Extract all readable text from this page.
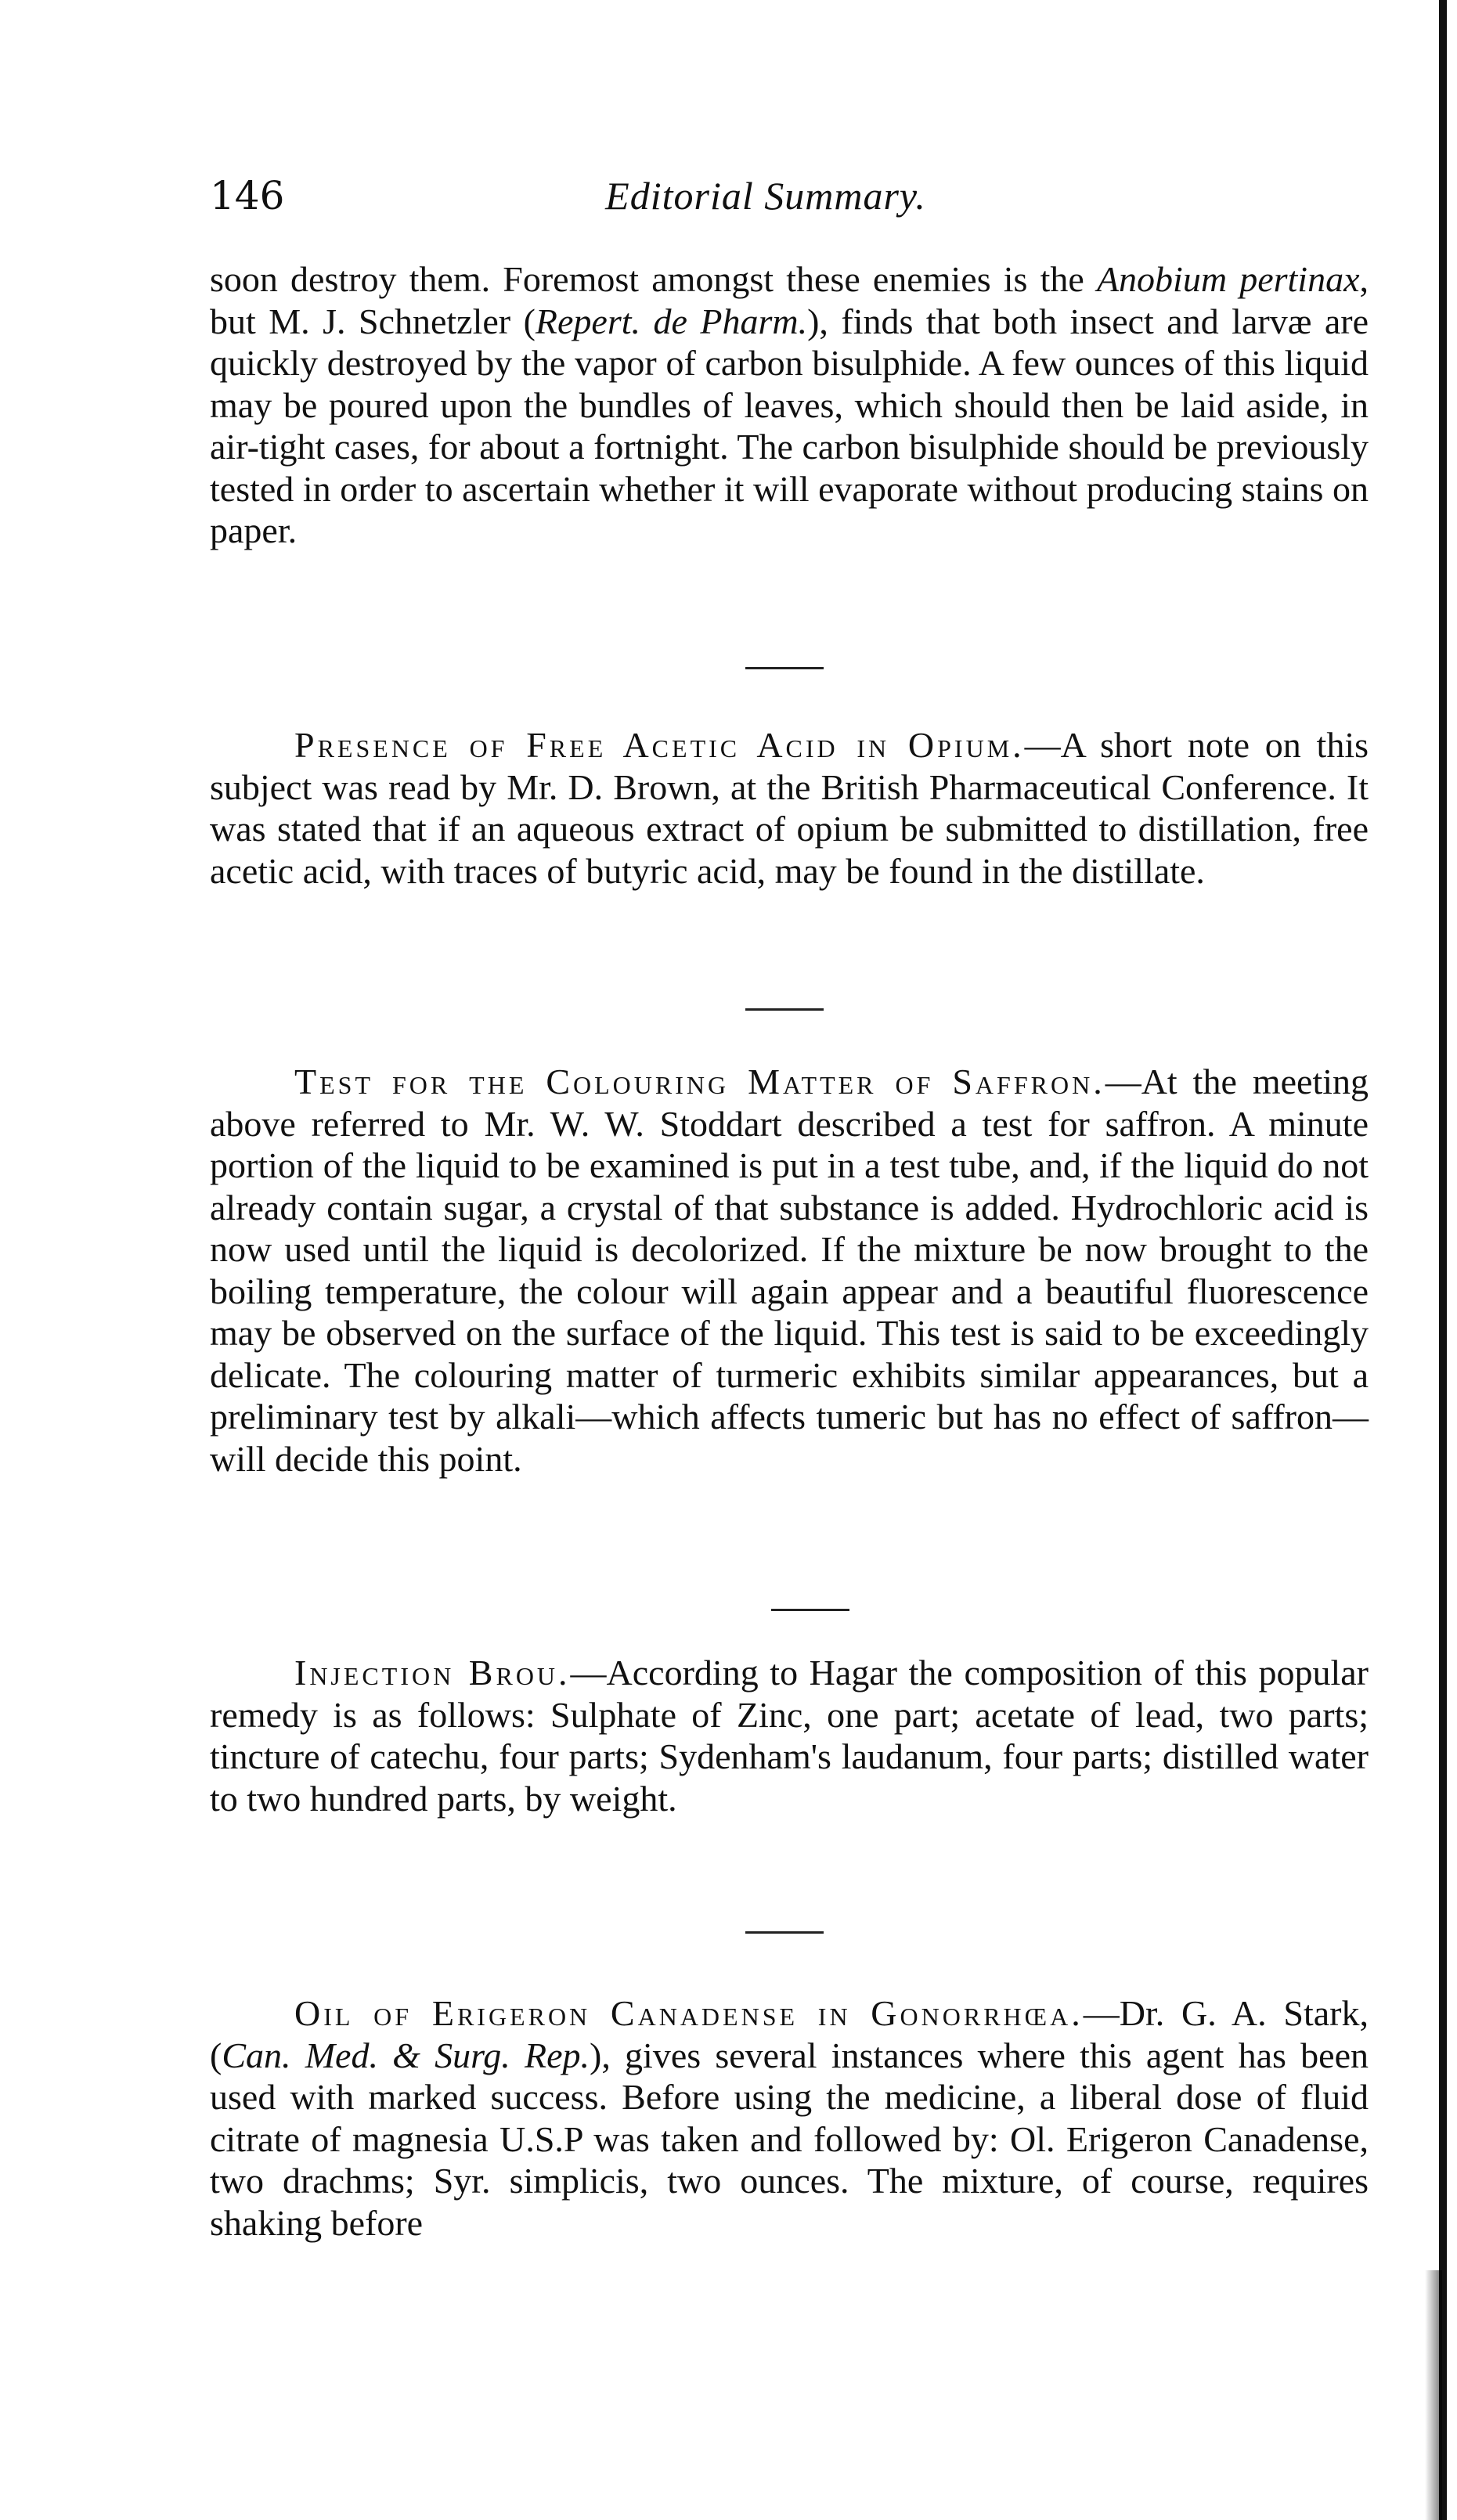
146	Editorial Summary.

soon destroy them. Foremost amongst these enemies is the Anobium pertinax, but M. J. Schnetzler (Repert. de Pharm.), finds that both insect and larvæ are quickly destroyed by the vapor of carbon bisulphide. A few ounces of this liquid may be poured upon the bundles of leaves, which should then be laid aside, in air-tight cases, for about a fortnight. The carbon bisulphide should be previously tested in order to ascertain whether it will evaporate without producing stains on paper.

Presence of Free Acetic Acid in Opium.—A short note on this subject was read by Mr. D. Brown, at the British Pharmaceutical Conference. It was stated that if an aqueous extract of opium be submitted to distillation, free acetic acid, with traces of butyric acid, may be found in the distillate.

Test for the Colouring Matter of Saffron.—At the meeting above referred to Mr. W. W. Stoddart described a test for saffron. A minute portion of the liquid to be examined is put in a test tube, and, if the liquid do not already contain sugar, a crystal of that substance is added. Hydrochloric acid is now used until the liquid is decolorized. If the mixture be now brought to the boiling temperature, the colour will again appear and a beautiful fluorescence may be observed on the surface of the liquid. This test is said to be exceedingly delicate. The colouring matter of turmeric exhibits similar appearances, but a preliminary test by alkali—which affects tumeric but has no effect of saffron—will decide this point.

Injection Brou.—According to Hagar the composition of this popular remedy is as follows: Sulphate of Zinc, one part; acetate of lead, two parts; tincture of catechu, four parts; Sydenham's laudanum, four parts; distilled water to two hundred parts, by weight.

Oil of Erigeron Canadense in Gonorrhœa.—Dr. G. A. Stark, (Can. Med. & Surg. Rep.), gives several instances where this agent has been used with marked success. Before using the medicine, a liberal dose of fluid citrate of magnesia U.S.P was taken and followed by: Ol. Erigeron Canadense, two drachms; Syr. simplicis, two ounces. The mixture, of course, requires shaking before
